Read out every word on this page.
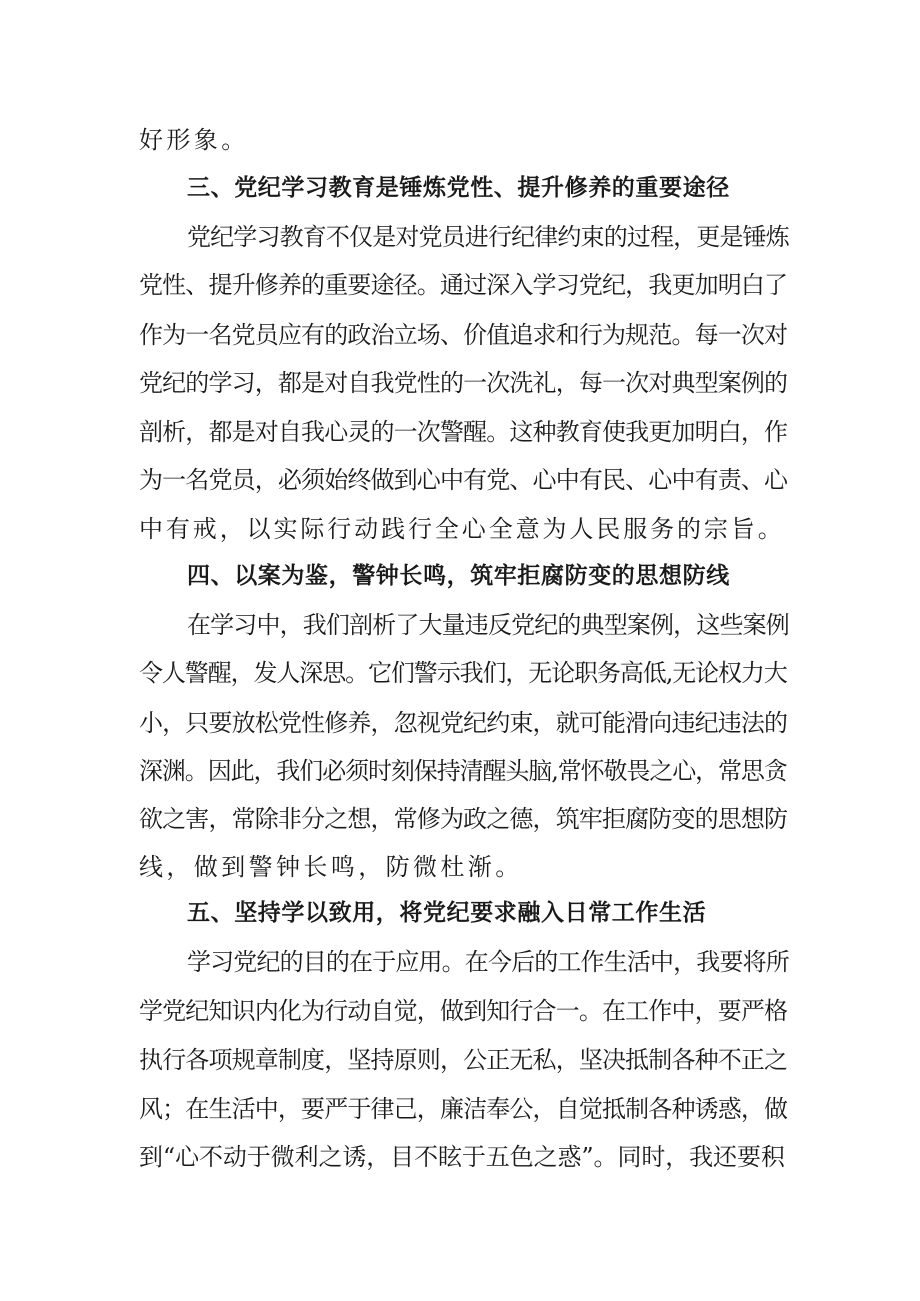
好形象。
三、党纪学习教育是锤炼党性、提升修养的重要途径
党纪学习教育不仅是对党员进行纪律约束的过程，更是锤炼
党性、提升修养的重要途径。通过深入学习党纪，我更加明白了
作为一名党员应有的政治立场、价值追求和行为规范。每一次对
党纪的学习，都是对自我党性的一次洗礼，每一次对典型案例的
剖析，都是对自我心灵的一次警醒。这种教育使我更加明白，作
为一名党员，必须始终做到心中有党、心中有民、心中有责、心
中有戒，以实际行动践行全心全意为人民服务的宗旨。
四、以案为鉴，警钟长鸣，筑牢拒腐防变的思想防线
在学习中，我们剖析了大量违反党纪的典型案例，这些案例
令人警醒，发人深思。它们警示我们，无论职务高低,无论权力大
小，只要放松党性修养，忽视党纪约束，就可能滑向违纪违法的
深渊。因此，我们必须时刻保持清醒头脑,常怀敬畏之心，常思贪
欲之害，常除非分之想，常修为政之德，筑牢拒腐防变的思想防
线，做到警钟长鸣，防微杜渐。
五、坚持学以致用，将党纪要求融入日常工作生活
学习党纪的目的在于应用。在今后的工作生活中，我要将所
学党纪知识内化为行动自觉，做到知行合一。在工作中，要严格
执行各项规章制度，坚持原则，公正无私，坚决抵制各种不正之
风；在生活中，要严于律己，廉洁奉公，自觉抵制各种诱惑，做
到“心不动于微利之诱，目不眩于五色之惑”。同时，我还要积
